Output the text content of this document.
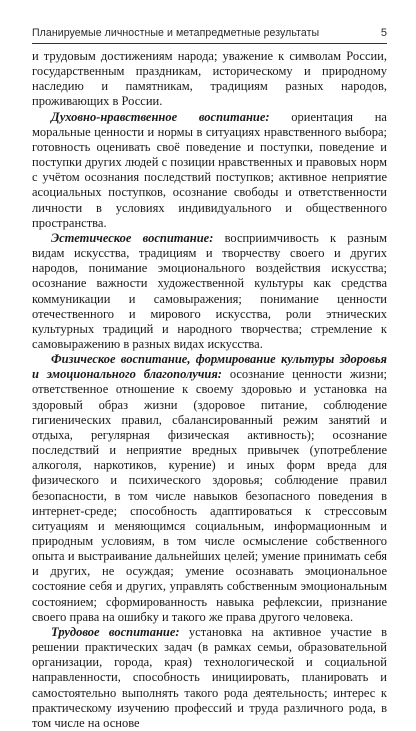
Планируемые личностные и метапредметные результаты	5

и трудовым достижениям народа; уважение к символам России, государственным праздникам, историческому и природному наследию и памятникам, традициям разных народов, проживающих в России.

Духовно-нравственное воспитание: ориентация на моральные ценности и нормы в ситуациях нравственного выбора; готовность оценивать своё поведение и поступки, поведение и поступки других людей с позиции нравственных и правовых норм с учётом осознания последствий поступков; активное неприятие асоциальных поступков, осознание свободы и ответственности личности в условиях индивидуального и общественного пространства.

Эстетическое воспитание: восприимчивость к разным видам искусства, традициям и творчеству своего и других народов, понимание эмоционального воздействия искусства; осознание важности художественной культуры как средства коммуникации и самовыражения; понимание ценности отечественного и мирового искусства, роли этнических культурных традиций и народного творчества; стремление к самовыражению в разных видах искусства.

Физическое воспитание, формирование культуры здоровья и эмоционального благополучия: осознание ценности жизни; ответственное отношение к своему здоровью и установка на здоровый образ жизни (здоровое питание, соблюдение гигиенических правил, сбалансированный режим занятий и отдыха, регулярная физическая активность); осознание последствий и неприятие вредных привычек (употребление алкоголя, наркотиков, курение) и иных форм вреда для физического и психического здоровья; соблюдение правил безопасности, в том числе навыков безопасного поведения в интернет-среде; способность адаптироваться к стрессовым ситуациям и меняющимся социальным, информационным и природным условиям, в том числе осмысление собственного опыта и выстраивание дальнейших целей; умение принимать себя и других, не осуждая; умение осознавать эмоциональное состояние себя и других, управлять собственным эмоциональным состоянием; сформированность навыка рефлексии, признание своего права на ошибку и такого же права другого человека.

Трудовое воспитание: установка на активное участие в решении практических задач (в рамках семьи, образовательной организации, города, края) технологической и социальной направленности, способность инициировать, планировать и самостоятельно выполнять такого рода деятельность; интерес к практическому изучению профессий и труда различного рода, в том числе на основе
